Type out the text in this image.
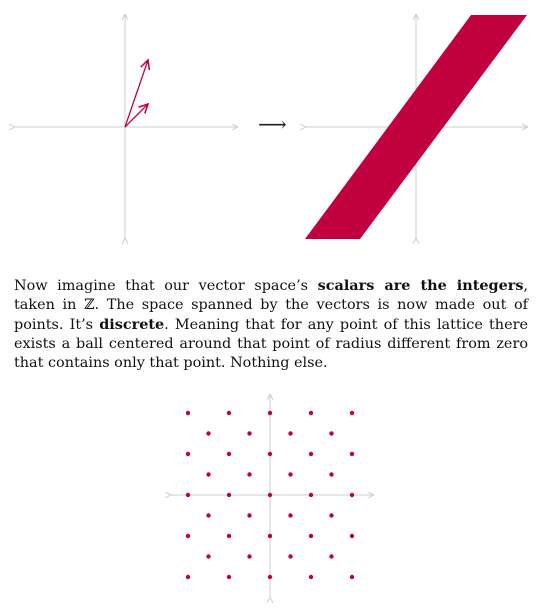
⟶

Now imagine that our vector space’s scalars are the integers, taken in ℤ. The space spanned by the vectors is now made out of points. It’s discrete. Meaning that for any point of this lattice there exists a ball centered around that point of radius different from zero that contains only that point. Nothing else.
